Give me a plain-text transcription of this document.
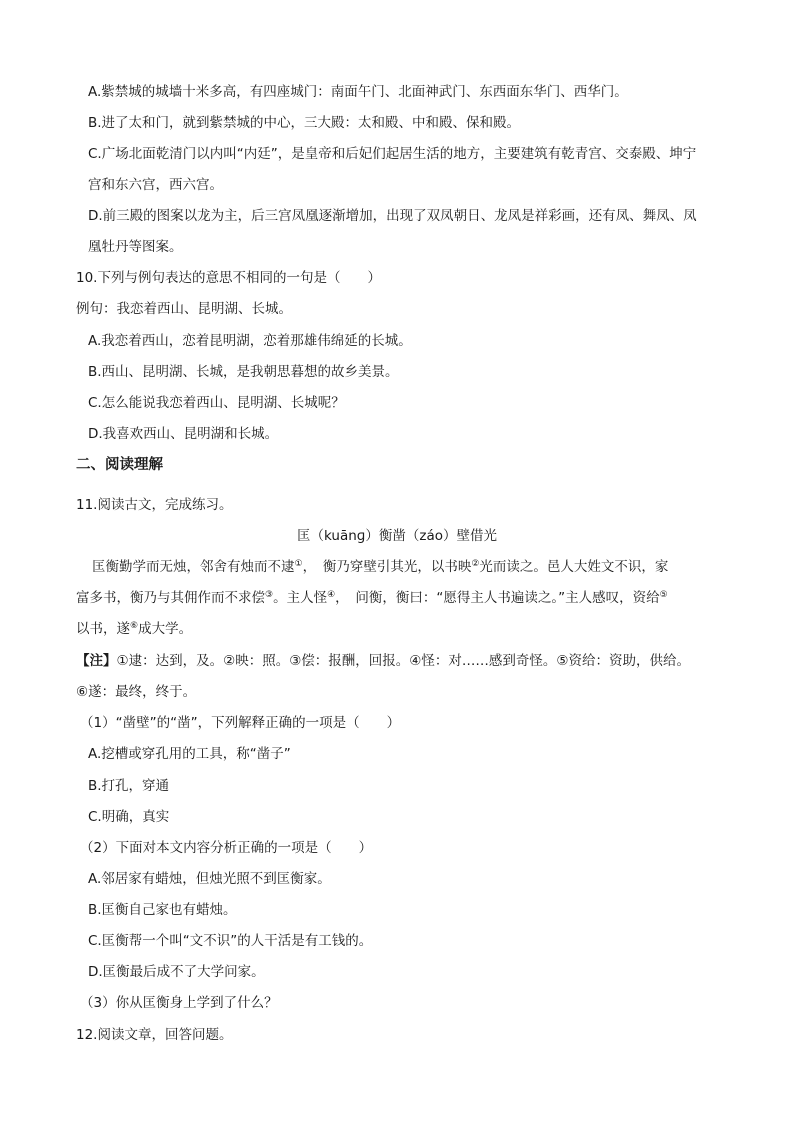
A.紫禁城的城墙十米多高，有四座城门：南面午门、北面神武门、东西面东华门、西华门。
B.进了太和门，就到紫禁城的中心，三大殿：太和殿、中和殿、保和殿。
C.广场北面乾清门以内叫“内廷”，是皇帝和后妃们起居生活的地方，主要建筑有乾青宫、交泰殿、坤宁
宫和东六宫，西六宫。
D.前三殿的图案以龙为主，后三宫凤凰逐渐增加，出现了双凤朝日、龙凤是祥彩画，还有凤、舞凤、凤
凰牡丹等图案。
10.下列与例句表达的意思不相同的一句是（　　）
例句：我恋着西山、昆明湖、长城。
A.我恋着西山，恋着昆明湖，恋着那雄伟绵延的长城。
B.西山、昆明湖、长城，是我朝思暮想的故乡美景。
C.怎么能说我恋着西山、昆明湖、长城呢？
D.我喜欢西山、昆明湖和长城。
二、阅读理解
11.阅读古文，完成练习。
匡（kuānɡ）衡凿（záo）壁借光
匡衡勤学而无烛，邻舍有烛而不逮①，　衡乃穿壁引其光，以书映②光而读之。邑人大姓文不识，家
富多书，衡乃与其佣作而不求偿③。主人怪④，　问衡，衡曰：“愿得主人书遍读之。”主人感叹，资给⑤
以书，遂⑥成大学。
【注】①逮：达到，及。②映：照。③偿：报酬，回报。④怪：对……感到奇怪。⑤资给：资助，供给。
⑥遂：最终，终于。
（1）“凿壁”的“凿”，下列解释正确的一项是（　　）
A.挖槽或穿孔用的工具，称“凿子”
B.打孔，穿通
C.明确，真实
（2）下面对本文内容分析正确的一项是（　　）
A.邻居家有蜡烛，但烛光照不到匡衡家。
B.匡衡自己家也有蜡烛。
C.匡衡帮一个叫“文不识”的人干活是有工钱的。
D.匡衡最后成不了大学问家。
（3）你从匡衡身上学到了什么？
12.阅读文章，回答问题。
